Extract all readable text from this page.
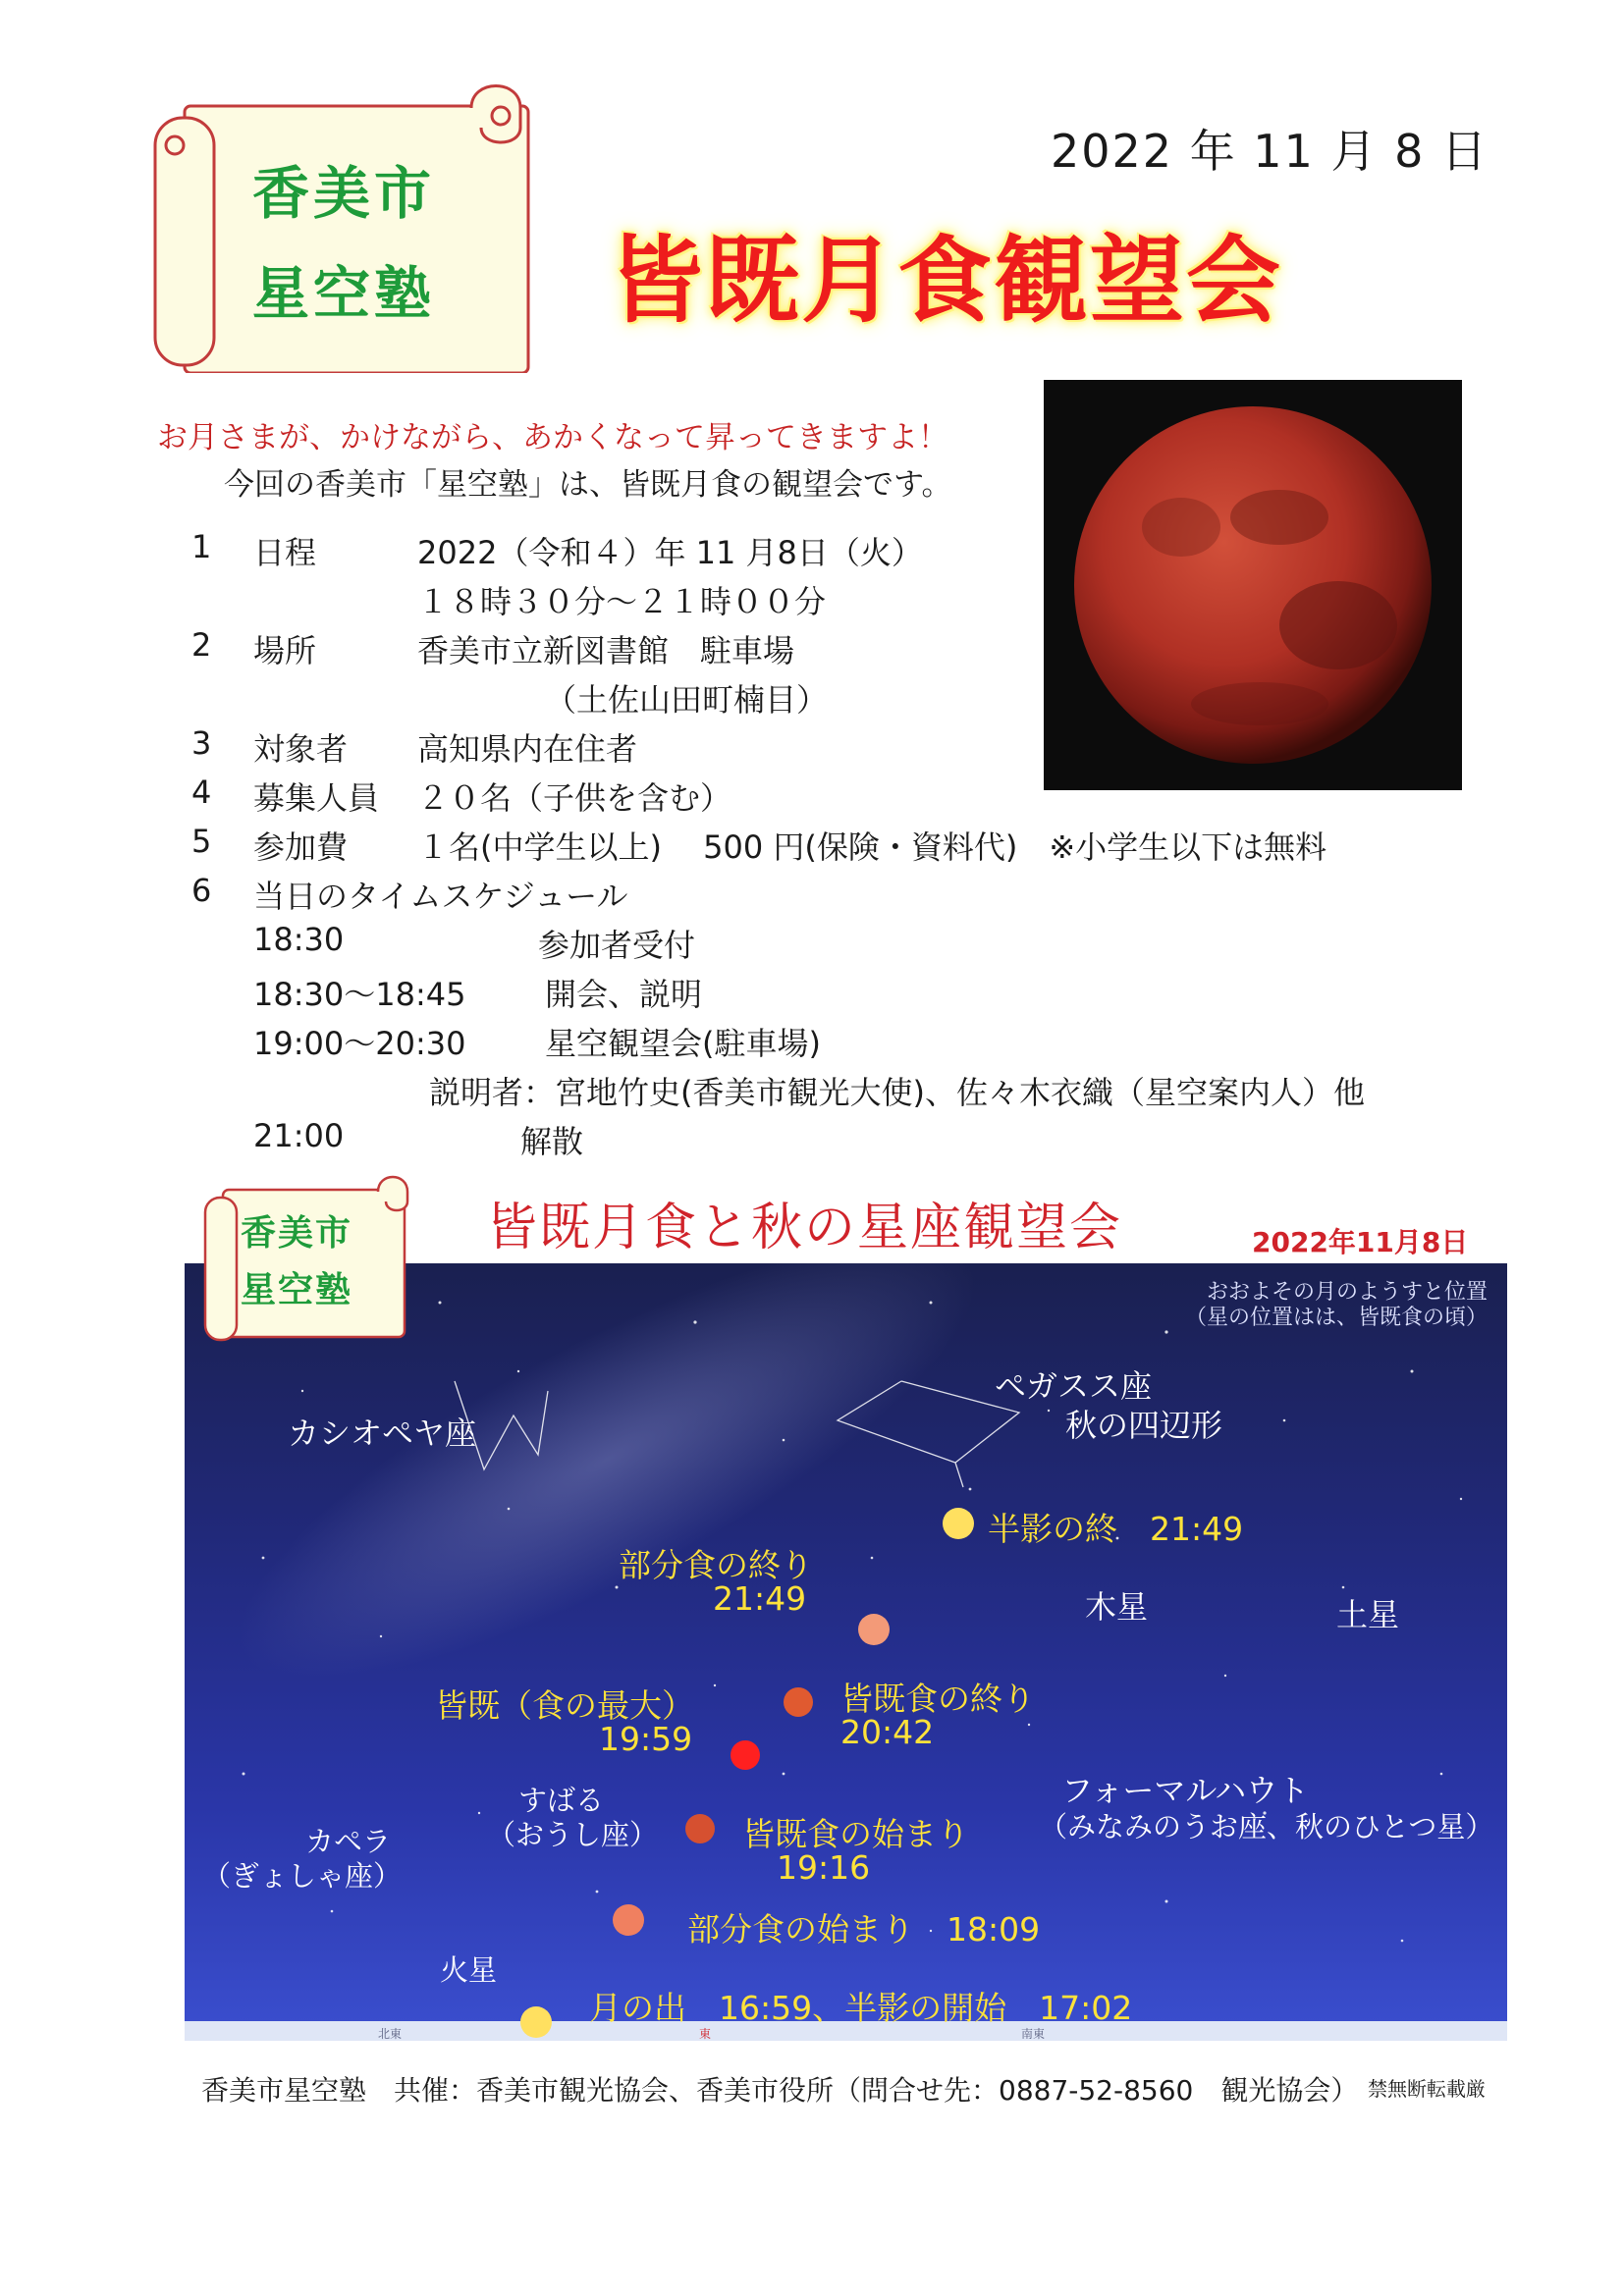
香美市
星空塾
2022 年 11 月 8 日
皆既月食観望会
お月さまが、かけながら、あかくなって昇ってきますよ！
今回の香美市「星空塾」は、皆既月食の観望会です。
1 日程	2022（令和４）年 11 月8日（火）
１８時３０分～２１時００分
2 場所	香美市立新図書館　駐車場
（土佐山田町楠目）
3 対象者 高知県内在住者
4 募集人員 ２０名（子供を含む）
5 参加費 １名(中学生以上)　 500 円(保険・資料代)　※小学生以下は無料
6 当日のタイムスケジュール
18:30	参加者受付
18:30～18:45	開会、説明
19:00～20:30	星空観望会(駐車場)
説明者：宮地竹史(香美市観光大使)、佐々木衣織（星空案内人）他
21:00	解散
皆既月食と秋の星座観望会	2022年11月8日
おおよその月のようすと位置
（星の位置はは、皆既食の頃）
ペガスス座
秋の四辺形
カシオペヤ座
半影の終　21:49
部分食の終り
21:49	木星	土星
皆既（食の最大）
19:59
皆既食の終り
20:42
フォーマルハウト
（みなみのうお座、秋のひとつ星）
すばる
（おうし座）
カペラ
（ぎょしゃ座）
皆既食の始まり
19:16
部分食の始まり　18:09
火星
月の出　16:59、半影の開始　17:02
北東	東	南東
香美市
星空塾
香美市星空塾　共催：香美市観光協会、香美市役所（問合せ先：0887-52-8560　観光協会） 禁無断転載厳
